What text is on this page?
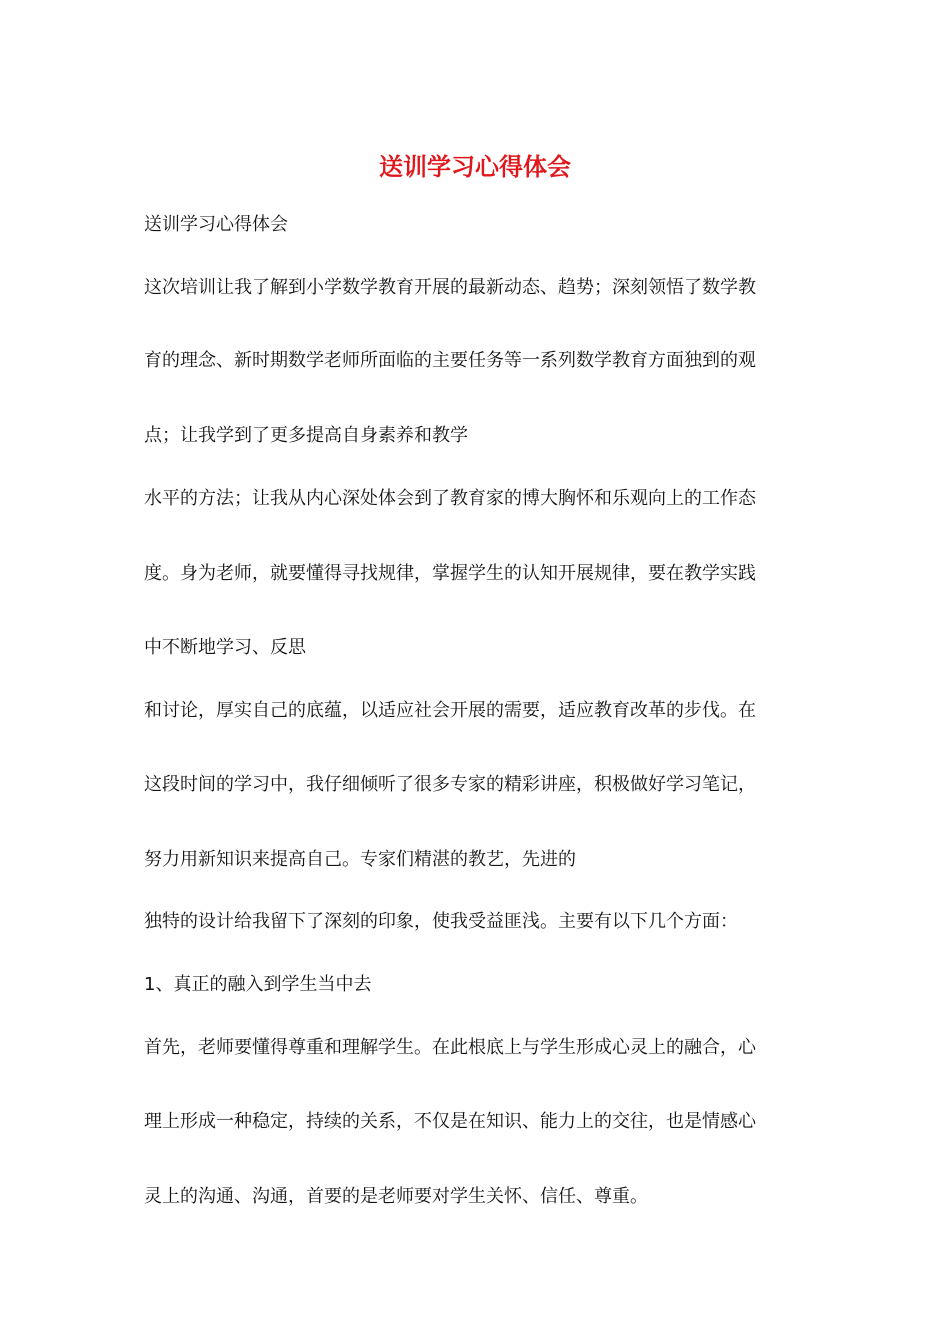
送训学习心得体会

送训学习心得体会

这次培训让我了解到小学数学教育开展的最新动态、趋势；深刻领悟了数学教

育的理念、新时期数学老师所面临的主要任务等一系列数学教育方面独到的观

点；让我学到了更多提高自身素养和教学

水平的方法；让我从内心深处体会到了教育家的博大胸怀和乐观向上的工作态

度。身为老师，就要懂得寻找规律，掌握学生的认知开展规律，要在教学实践

中不断地学习、反思

和讨论，厚实自己的底蕴，以适应社会开展的需要，适应教育改革的步伐。在

这段时间的学习中，我仔细倾听了很多专家的精彩讲座，积极做好学习笔记，

努力用新知识来提高自己。专家们精湛的教艺，先进的

独特的设计给我留下了深刻的印象，使我受益匪浅。主要有以下几个方面：

1、真正的融入到学生当中去

首先，老师要懂得尊重和理解学生。在此根底上与学生形成心灵上的融合，心

理上形成一种稳定，持续的关系，不仅是在知识、能力上的交往，也是情感心

灵上的沟通、沟通，首要的是老师要对学生关怀、信任、尊重。
